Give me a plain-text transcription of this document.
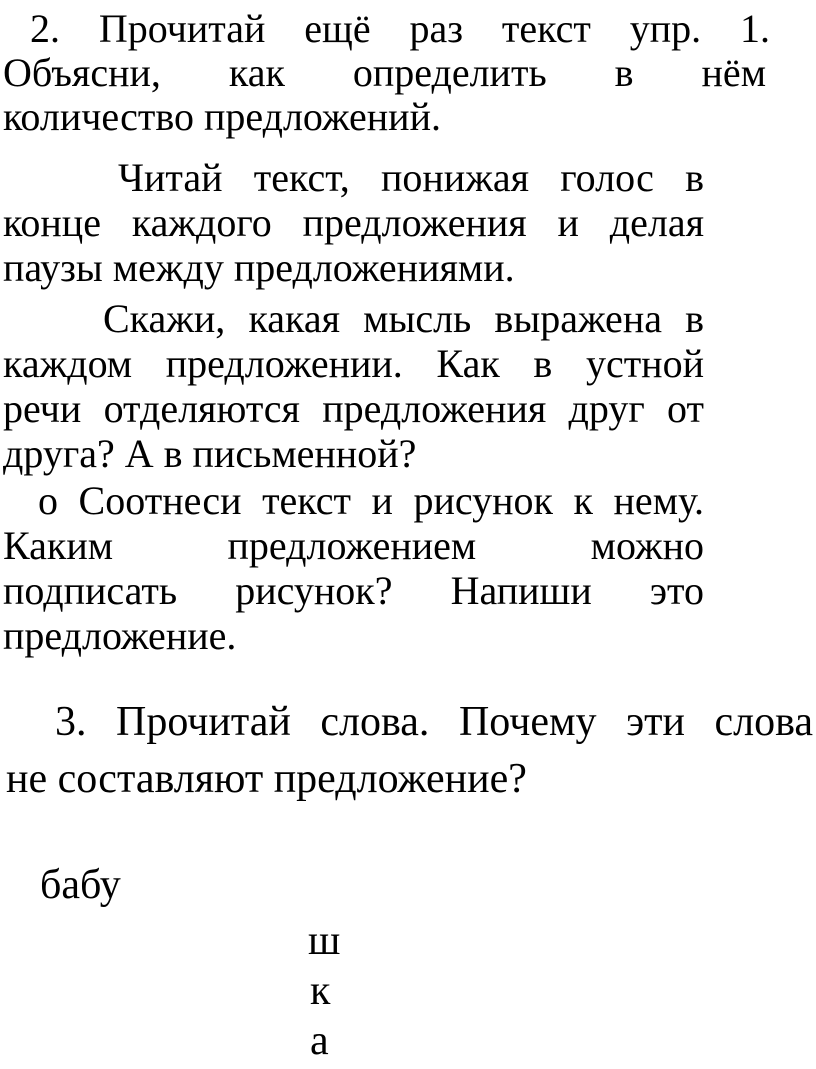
2. Прочитай ещё раз текст упр. 1.
Объясни, как определить в нём
количество предложений.
Читай текст, понижая голос в
конце каждого предложения и делая
паузы между предложениями.
Скажи, какая мысль выражена в
каждом предложении. Как в устной
речи отделяются предложения друг от
друга? А в письменной?
о Соотнеси текст и рисунок к нему.
Каким предложением можно
подписать рисунок? Напиши это
предложение.
3. Прочитай слова. Почему эти слова
не составляют предложение?
бабу
ш
к
а
